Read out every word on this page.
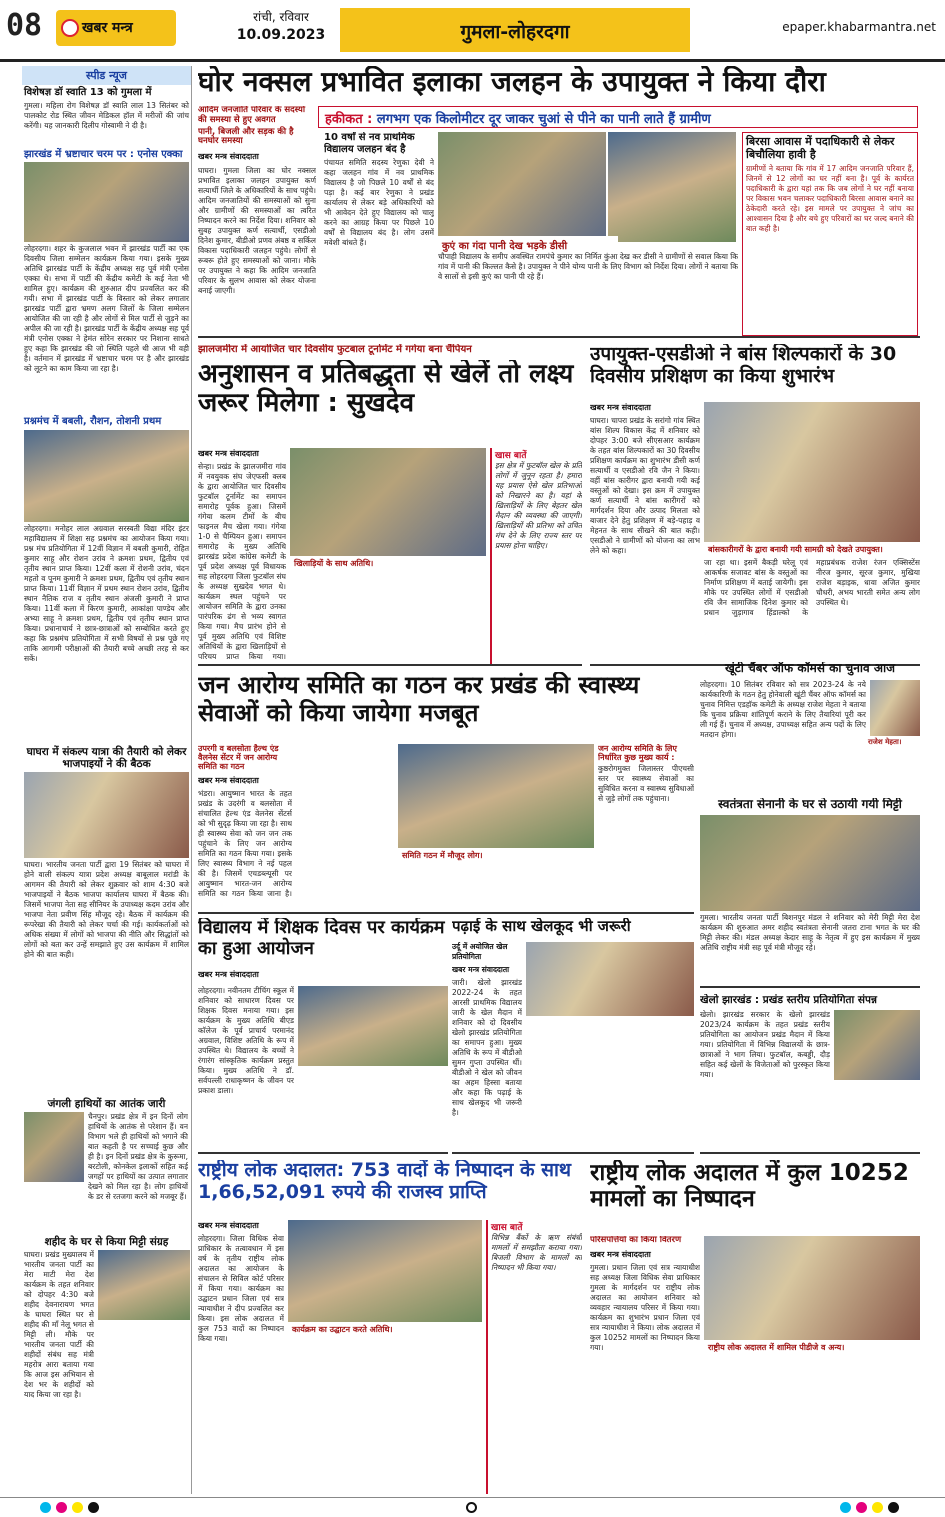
08	खबर मन्त्र
रांची, रविवार
10.09.2023	गुमला-लोहरदगा	epaper.khabarmantra.net
स्पीड न्यूज
विशेषज्ञ डॉ स्वाति 13 को गुमला में
गुमला। महिला रोग विशेषज्ञ डॉ स्वाति लाल 13 सितंबर को पालकोट रोड स्थित जीवन मेडिकल हॉल में मरीजों की जांच करेंगी। यह जानकारी दिलीप गोस्वामी ने दी है।
झारखंड में भ्रष्टाचार चरम पर : एनोस एक्का
लोहरदगा। शहर के कुजलाल भवन में झारखंड पार्टी का एक दिवसीय जिला सम्मेलन कार्यक्रम किया गया। इसके मुख्य अतिथि झारखंड पार्टी के केंद्रीय अध्यक्ष सह पूर्व मंत्री एनोस एक्का थे। सभा में पार्टी की केंद्रीय कमेटी के कई नेता भी शामिल हुए। कार्यक्रम की शुरुआत दीप प्रज्वलित कर की गयी। सभा में झारखंड पार्टी के विस्तार को लेकर लगातार झारखंड पार्टी द्वारा भ्रमण अलग जिलों के जिला सम्मेलन आयोजित की जा रही है और लोगों से मिल पार्टी से जुड़ने का अपील की जा रही है। झारखंड पार्टी के केंद्रीय अध्यक्ष सह पूर्व मंत्री एनोस एक्का ने हेमंत सोरेन सरकार पर निशाना साधते हुए कहा कि झारखंड की जो स्थिति पहले थी आज भी वही है। वर्तमान में झारखंड में भ्रष्टाचार चरम पर है और झारखंड को लूटने का काम किया जा रहा है।
प्रश्नमंच में बबली, रौशन, तोशनी प्रथम
लोहरदगा। मनोहर लाल अग्रवाल सरस्वती विद्या मंदिर इंटर महाविद्यालय में शिक्षा सह प्रश्नमंच का आयोजन किया गया। प्रश्न मंच प्रतियोगिता में 12वीं विज्ञान में बबली कुमारी, रोहित कुमार साहू और रोशन उरांव ने क्रमशः प्रथम, द्वितीय एवं तृतीय स्थान प्राप्त किया। 12वीं कला में रोशनी उरांव, चंदन महतो व पूनम कुमारी ने क्रमशः प्रथम, द्वितीय एवं तृतीय स्थान प्राप्त किया। 11वीं विज्ञान में प्रथम स्थान रोशन उरांव, द्वितीय स्थान नैतिक राज व तृतीय स्थान अंजली कुमारी ने प्राप्त किया। 11वीं कला में किरण कुमारी, आकांक्षा पाण्डेय और अभ्या साहू ने क्रमशः प्रथम, द्वितीय एवं तृतीय स्थान प्राप्त किया। प्रधानाचार्य ने छात्र-छात्राओं को सम्बोधित करते हुए कहा कि प्रश्नमंच प्रतियोगिता में सभी विषयों से प्रश्न पूछे गए ताकि आगामी परीक्षाओं की तैयारी बच्चे अच्छी तरह से कर सकें।
घाघरा में संकल्प यात्रा की तैयारी को लेकर भाजपाइयों ने की बैठक
घाघरा। भारतीय जनता पार्टी द्वारा 19 सितंबर को घाघरा में होने वाली संकल्प यात्रा प्रदेश अध्यक्ष बाबूलाल मरांडी के आगमन की तैयारी को लेकर शुक्रवार को शाम 4:30 बजे भाजपाइयों ने बैठक भाजपा कार्यालय घाघरा में बैठक की। जिसमें भाजपा नेता सह सीनियर के उपाध्यक्ष कदम उरांव और भाजपा नेता प्रवीण सिंह मौजूद रहे। बैठक में कार्यक्रम की रूपरेखा की तैयारी को लेकर चर्चा की गई। कार्यकर्ताओं को अधिक संख्या में लोगों को भाजपा की नीति और सिद्धांतों को लोगों को बता कर उन्हें समझाते हुए उस कार्यक्रम में शामिल होने की बात कही।
जंगली हाथियों का आतंक जारी
चैनपुर। प्रखंड क्षेत्र में इन दिनों लोग हाथियों के आतंक से परेशान हैं। वन विभाग भले ही हाथियों को भगाने की बात कहती है पर सच्चाई कुछ और ही है। इन दिनों प्रखंड क्षेत्र के कुरूमा, बरटोली, कोनकेल इलाकों सहित कई जगहों पर हाथियों का उत्पात लगातार देखने को मिल रहा है। लोग हाथियों के डर से रतजगा करने को मजबूर हैं।
शहीद के घर से किया मिट्टी संग्रह
घाघरा। प्रखंड मुख्यालय में भारतीय जनता पार्टी का मेरा माटी मेरा देश कार्यक्रम के तहत शनिवार को दोपहर 4:30 बजे शहीद देवनारायण भगत के घाघरा स्थित घर से शहीद की माँ नेलू भगत से मिट्टी ली। मौके पर भारतीय जनता पार्टी की शहीदों संबंध सह मंत्री महरोत्र आरा बताया गया कि आज इस अभियान से देश भर के शहीदों को याद किया जा रहा है।
घोर नक्सल प्रभावित इलाका जलहन के उपायुक्त ने किया दौरा
हकीकत : लगभग एक किलोमीटर दूर जाकर चुआं से पीने का पानी लाते हैं ग्रामीण
आदिम जनजाति परिवार के सदस्यों की समस्या से हुए अवगत
पानी, बिजली और सड़क की है घनघोर समस्या
खबर मन्त्र संवाददाता
घाघरा। गुमला जिला का घोर नक्सल प्रभावित इलाका जलहन उपायुक्त कर्ण सत्यार्थी जिले के अधिकारियों के साथ पहुंचे। आदिम जनजातियों की समस्याओं को सुना और ग्रामीणों की समस्याओं का त्वरित निष्पादन करने का निर्देश दिया। शनिवार को सुबह उपायुक्त कर्ण सत्यार्थी, एसडीओ दिनेश कुमार, बीडीओ प्रणव अंबष्ठ व सर्किल विकास पदाधिकारी जलहन पहुंचे। लोगों से रूबरू होते हुए समस्याओं को जाना। मौके पर उपायुक्त ने कहा कि आदिम जनजाति परिवार के सुलभ आवास को लेकर योजना बनाई जाएगी।
10 वर्षों से नव प्राथमिक विद्यालय जलहन बंद है
पंचायत समिति सदस्य रेणुका देवी ने कहा जलहन गांव में नव प्राथमिक विद्यालय है जो पिछले 10 वर्षों से बंद पड़ा है। कई बार रेणुका ने प्रखंड कार्यालय से लेकर बड़े अधिकारियों को भी आवेदन देते हुए विद्यालय को चालू करने का आग्रह किया पर पिछले 10 वर्षों से विद्यालय बंद है। लोग उसमें मवेशी बांधते हैं।	कुएं का गंदा पानी देख भड़के डीसी
चौपाही विद्यालय के समीप अवस्थित रामपंचे कुमार का निर्मित कुंआ देख कर डीसी ने ग्रामीणों से सवाल किया कि गांव में पानी की किल्लत कैसे है। उपायुक्त ने पीने योग्य पानी के लिए विभाग को निर्देश दिया। लोगों ने बताया कि वे सालों से इसी कुएं का पानी पी रहे हैं।
बिरसा आवास में पदाधिकारी से लेकर बिचौलिया हावी है
ग्रामीणों ने बताया कि गांव में 17 आदिम जनजाति परिवार हैं, जिनमें से 12 लोगों का घर नहीं बना है। पूर्व के कार्यरत पदाधिकारी के द्वारा यहां तक कि जब लोगों ने घर नहीं बनाया पर विकास भवन चलाकर पदाधिकारी बिरसा आवास बनाने का ठेकेदारी करते रहे। इस मामले पर उपायुक्त ने जांच का आश्वासन दिया है और बचे हुए परिवारों का घर जल्द बनाने की बात कही है।
झालजमीरा में आयोजित चार दिवसीय फुटबाल टूर्नामेंट में गगेया बना चैंपियन
अनुशासन व प्रतिबद्धता से खेलें तो लक्ष्य जरूर मिलेगा : सुखदेव
खबर मन्त्र संवाददाता
सेन्हा। प्रखंड के झालजमीरा गांव में नवयुवक संघ जेएफसी क्लब के द्वारा आयोजित चार दिवसीय फुटबॉल टूर्नामेंट का समापन समारोह पूर्वक हुआ। जिसमें गंगेया कलम टीमों के बीच फाइनल मैच खेला गया। गंगेया 1-0 से चैम्पियन हुआ। समापन समारोह के मुख्य अतिथि झारखंड प्रदेश कांग्रेस कमेटी के पूर्व प्रदेश अध्यक्ष पूर्व विधायक सह लोहरदगा जिला फुटबॉल संघ के अध्यक्ष सुखदेव भगत थे। कार्यक्रम स्थल पहुंचने पर आयोजन समिति के द्वारा उनका पारंपरिक ढंग से भव्य स्वागत किया गया। मैच प्रारंभ होने से पूर्व मुख्य अतिथि एवं विशिष्ट अतिथियों के द्वारा खिलाड़ियों से परिचय प्राप्त किया गया।
खिलाड़ियों के साथ अतिथि।
खास बातें
इस क्षेत्र में फुटबॉल खेल के प्रति लोगों में जुनून रहता है। हमारा यह प्रयास ऐसे खेल प्रतिभाओं को निखारने का है। यहां के खिलाड़ियों के लिए बेहतर खेल मैदान की व्यवस्था की जाएगी। खिलाड़ियों की प्रतिभा को उचित मंच देने के लिए राज्य स्तर पर प्रयास होना चाहिए।
उपायुक्त-एसडीओ ने बांस शिल्पकारों के 30 दिवसीय प्रशिक्षण का किया शुभारंभ
खबर मन्त्र संवाददाता
घाघरा। चापरा प्रखंड के सरांगो गांव स्थित बांस शिल्प विकास केंद्र में शनिवार को दोपहर 3:00 बजे सीएसआर कार्यक्रम के तहत बांस शिल्पकारों का 30 दिवसीय प्रशिक्षण कार्यक्रम का शुभारंभ डीसी कर्ण सत्यार्थी व एसडीओ रवि जैन ने किया। वहीं बांस कारीगर द्वारा बनायी गयी कई वस्तुओं को देखा। इस क्रम में उपायुक्त कर्ण सत्यार्थी ने बांस कारीगरों को मार्गदर्शन दिया और उत्पाद मिलता को बाजार देने हेतु प्रशिक्षण में बड़े-पहाड़ व मेहनत के साथ सीखने की बात कही। एसडीओ ने ग्रामीणों को योजना का लाभ लेने को कहा।	बांसकारीगरों के द्वारा बनायी गयी सामग्री को देखते उपायुक्त।
जा रहा था। इसमें बैकड़ी घरेलू एवं आकर्षक सजावट बांस के वस्तुओं का निर्माण प्रशिक्षण में बताई जायेगी। इस मौके पर उपस्थित लोगों में एसडीओ रवि जैन सामाजिक दिनेश कुमार को प्रधान जुड़ागाव हिंडाल्को के महाप्रबंधक राजेश रंजन एक्सिस्टेंस नीरज कुमार, सूरज कुमार, मुखिया राजेश बड़ाइक, धावा अजित कुमार चौधरी, अभय भारती समेत अन्य लोग उपस्थित थे।
जन आरोग्य समिति का गठन कर प्रखंड की स्वास्थ्य सेवाओं को किया जायेगा मजबूत
उपरगी व बलसोता हैल्थ एंड वैलनेस सेंटर में जन आरोग्य समिति का गठन
खबर मन्त्र संवाददाता
भंडरा। आयुष्मान भारत के तहत प्रखंड के उदरंगी व बलसोता में संचालित हेल्थ एंड वेलनेस सेंटर्स को भी सुदृढ़ किया जा रहा है। साथ ही स्वास्थ्य सेवा को जन जन तक पहुंचाने के लिए जन आरोग्य समिति का गठन किया गया। इसके लिए स्वास्थ्य विभाग ने नई पहल की है। जिसमें एचडब्ल्यूसी पर आयुष्मान भारत-जन आरोग्य समिति का गठन किया जाना है।
समिति गठन में मौजूद लोग।
जन आरोग्य समिति के लिए निर्धारित कुछ मुख्य कार्य :
कुष्ठरोगमुक्त जिलास्तर पीएचसी स्तर पर स्वास्थ्य सेवाओं का सुविधित करना व स्वास्थ्य सुविधाओं से जुड़े लोगों तक पहुंचाना।
खूंटी चैंबर ऑफ कॉमर्स का चुनाव आज
लोहरदगा। 10 सितंबर रविवार को सत्र 2023-24 के नये कार्यकारिणी के गठन हेतु होनेवाली खूंटी चैंबर ऑफ कॉमर्स का चुनाव निमित्त एडहॉक कमेटी के अध्यक्ष राजेश मेहता ने बताया कि चुनाव प्रक्रिया शांतिपूर्ण कराने के लिए तैयारियां पूरी कर ली गई हैं। चुनाव में अध्यक्ष, उपाध्यक्ष सहित अन्य पदों के लिए मतदान होगा।
राजेश मेहता।
स्वतंत्रता सेनानी के घर से उठायी गयी मिट्टी
गुमला। भारतीय जनता पार्टी बिशनपुर मंडल ने शनिवार को मेरी मिट्टी मेरा देश कार्यक्रम की शुरुआत अमर शहीद स्वतंत्रता सेनानी जतरा टाना भगत के घर की मिट्टी लेकर की। मंडल अध्यक्ष केदार साहू के नेतृत्व में हुए इस कार्यक्रम में मुख्य अतिथि राष्ट्रीय मंत्री सह पूर्व मंत्री मौजूद रहे।
विद्यालय में शिक्षक दिवस पर कार्यक्रम का हुआ आयोजन
खबर मन्त्र संवाददाता
लोहरदगा। नवीनतम टीचिंग स्कूल में शनिवार को साधारण दिवस पर शिक्षक दिवस मनाया गया। इस कार्यक्रम के मुख्य अतिथि बीएड कॉलेज के पूर्व प्राचार्य परमानंद अग्रवाल, विशिष्ट अतिथि के रूप में उपस्थित थे। विद्यालय के बच्चों ने रंगारंग सांस्कृतिक कार्यक्रम प्रस्तुत किया। मुख्य अतिथि ने डॉ. सर्वपल्ली राधाकृष्णन के जीवन पर प्रकाश डाला।
पढ़ाई के साथ खेलकूद भी जरूरी
उर्दू में अयोजित खेल प्रतियोगिता
खबर मन्त्र संवाददाता
जारी। खेलो झारखंड 2022-24 के तहत आरसी प्राथमिक विद्यालय जारी के खेल मैदान में शनिवार को दो दिवसीय खेलो झारखंड प्रतियोगिता का समापन हुआ। मुख्य अतिथि के रूप में बीडीओ सुमन गुप्ता उपस्थित थीं। बीडीओ ने खेल को जीवन का अहम हिस्सा बताया और कहा कि पढ़ाई के साथ खेलकूद भी जरूरी है।
खेलो झारखंड : प्रखंड स्तरीय प्रतियोगिता संपन्न
खेलो। झारखंड सरकार के खेलो झारखंड 2023/24 कार्यक्रम के तहत प्रखंड स्तरीय प्रतियोगिता का आयोजन प्रखंड मैदान में किया गया। प्रतियोगिता में विभिन्न विद्यालयों के छात्र-छात्राओं ने भाग लिया। फुटबॉल, कबड्डी, दौड़ सहित कई खेलों के विजेताओं को पुरस्कृत किया गया।
राष्ट्रीय लोक अदालत: 753 वादों के निष्पादन के साथ 1,66,52,091 रुपये की राजस्व प्राप्ति
खबर मन्त्र संवाददाता
लोहरदगा। जिला विधिक सेवा प्राधिकार के तत्वावधान में इस वर्ष के तृतीय राष्ट्रीय लोक अदालत का आयोजन के संचालन से सिविल कोर्ट परिसर में किया गया। कार्यक्रम का उद्घाटन प्रधान जिला एवं सत्र न्यायाधीश ने दीप प्रज्वलित कर किया। इस लोक अदालत में कुल 753 वादों का निष्पादन किया गया।
कार्यक्रम का उद्घाटन करते अतिथि।
खास बातें
विभिन्न बैंकों के ऋण संबंधी मामलों में समझौता कराया गया। बिजली विभाग के मामलों का निष्पादन भी किया गया।
राष्ट्रीय लोक अदालत में कुल 10252 मामलों का निष्पादन
परिसंपत्तियों का किया वितरण
खबर मन्त्र संवाददाता
गुमला। प्रधान जिला एवं सत्र न्यायाधीश सह अध्यक्ष जिला विधिक सेवा प्राधिकार गुमला के मार्गदर्शन पर राष्ट्रीय लोक अदालत का आयोजन शनिवार को व्यवहार न्यायालय परिसर में किया गया। कार्यक्रम का शुभारंभ प्रधान जिला एवं सत्र न्यायाधीश ने किया। लोक अदालत में कुल 10252 मामलों का निष्पादन किया गया।	राष्ट्रीय लोक अदालत में शामिल पीडीजे व अन्य।
